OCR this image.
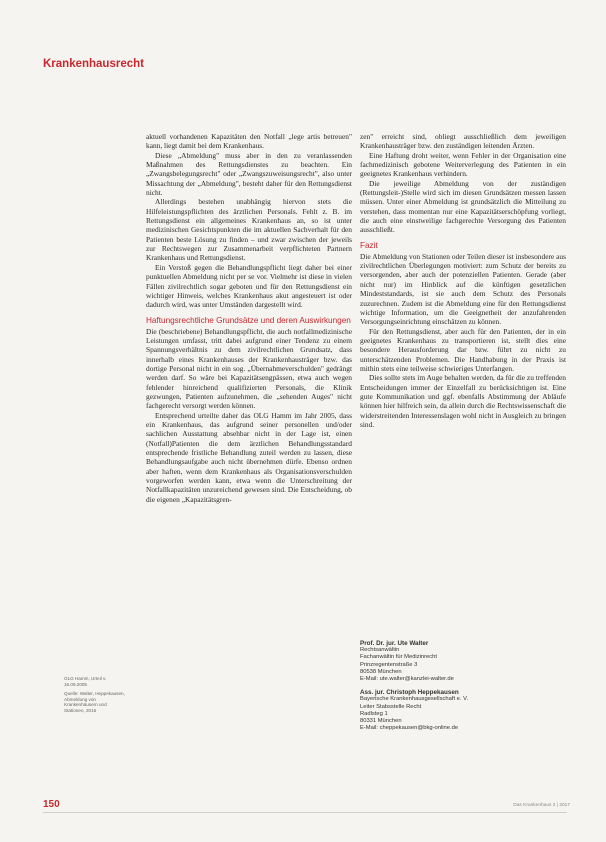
Krankenhausrecht

aktuell vorhandenen Kapazitäten den Notfall „lege artis betreuen" kann, liegt damit bei dem Krankenhaus.

Diese „Abmeldung" muss aber in den zu veranlassenden Maßnahmen des Rettungsdienstes zu beachten. Ein „Zwangsbelegungsrecht" oder „Zwangszuweisungsrecht", also unter Missachtung der „Abmeldung", besteht daher für den Rettungsdienst nicht.

Allerdings bestehen unabhängig hiervon stets die Hilfeleistungspflichten des ärztlichen Personals. Fehlt z. B. im Rettungsdienst ein allgemeines Krankenhaus an, so ist unter medizinischen Gesichtspunkten die im aktuellen Sachverhalt für den Patienten beste Lösung zu finden – und zwar zwischen der jeweils zur Rechtswegen zur Zusammenarbeit verpflichteten Partnern Krankenhaus und Rettungsdienst.

Ein Verstoß gegen die Behandlungspflicht liegt daher bei einer punktuellen Abmeldung nicht per se vor. Vielmehr ist diese in vielen Fällen zivilrechtlich sogar geboten und für den Rettungsdienst ein wichtiger Hinweis, welches Krankenhaus akut angesteuert ist oder dadurch wird, was unter Umständen dargestellt wird.

Haftungsrechtliche Grundsätze und deren Auswirkungen

Die (beschriebene) Behandlungspflicht, die auch notfallmedizinische Leistungen umfasst, tritt dabei aufgrund einer Tendenz zu einem Spannungsverhältnis zu dem zivilrechtlichen Grundsatz, dass innerhalb eines Krankenhauses der Krankenhausträger bzw. das dortige Personal nicht in ein sog. „Übernahmeverschulden" gedrängt werden darf. So wäre bei Kapazitätsengpässen, etwa auch wegen fehlender hinreichend qualifizierten Personals, die Klinik gezwungen, Patienten aufzunehmen, die „sehenden Auges" nicht fachgerecht versorgt werden können.

Entsprechend urteilte daher das OLG Hamm im Jahr 2005, dass ein Krankenhaus, das aufgrund seiner personellen und/oder sachlichen Ausstattung absehbar nicht in der Lage ist, einen (Notfall)Patienten die dem ärztlichen Behandlungsstandard entsprechende fristliche Behandlung zuteil werden zu lassen, diese Behandlungsaufgabe auch nicht übernehmen dürfe. Ebenso ordnen aber haften, wenn dem Krankenhaus als Organisationsverschulden vorgeworfen werden kann, etwa wenn die Unterschreitung der Notfallkapazitäten unzureichend gewesen sind. Die Entscheidung, ob die eigenen „Kapazitätsgren-

zen" erreicht sind, obliegt ausschließlich dem jeweiligen Krankenhausträger bzw. den zuständigen leitenden Ärzten.

Eine Haftung droht weiter, wenn Fehler in der Organisation eine fachmedizinisch gebotene Weiterverlegung des Patienten in ein geeignetes Krankenhaus verhindern.

Die jeweilige Abmeldung von der zuständigen (Rettungsleit-)Stelle wird sich im diesen Grundsätzen messen lassen müssen. Unter einer Abmeldung ist grundsätzlich die Mitteilung zu verstehen, dass momentan nur eine Kapazitätserschöpfung vorliegt, die auch eine einstweilige fachgerechte Versorgung des Patienten ausschließt.

Fazit

Die Abmeldung von Stationen oder Teilen dieser ist insbesondere aus zivilrechtlichen Überlegungen motiviert: zum Schutz der bereits zu versorgenden, aber auch der potenziellen Patienten. Gerade (aber nicht nur) im Hinblick auf die künftigen gesetzlichen Mindeststandards, ist sie auch dem Schutz des Personals zuzurechnen. Zudem ist die Abmeldung eine für den Rettungsdienst wichtige Information, um die Geeignetheit der anzufahrenden Versorgungseinrichtung einschätzen zu können.

Für den Rettungsdienst, aber auch für den Patienten, der in ein geeignetes Krankenhaus zu transportieren ist, stellt dies eine besondere Herausforderung dar bzw. führt zu nicht zu unterschätzenden Problemen. Die Handhabung in der Praxis ist mithin stets eine teilweise schwieriges Unterfangen.

Dies sollte stets im Auge behalten werden, da für die zu treffenden Entscheidungen immer der Einzelfall zu berücksichtigen ist. Eine gute Kommunikation und ggf. ebenfalls Abstimmung der Abläufe können hier hilfreich sein, da allein durch die Rechtswissenschaft die widerstreitenden Interessenslagen wohl nicht in Ausgleich zu bringen sind.

Prof. Dr. jur. Ute Walter
Rechtsanwältin
Fachanwältin für Medizinrecht
Prinzregentenstraße 3
80538 München
E-Mail: ute.walter@kanzlei-walter.de
Ass. jur. Christoph Heppekausen
Bayerische Krankenhausgesellschaft e. V.
Leiter Stabsstelle Recht
Radlsteg 1
80331 München
E-Mail: cheppekausen@bkg-online.de
OLG Hamm, Urteil v. 16.09.2005
Quelle: Walter, Heppekausen, Abmeldung von Krankenhäusern und Stationen, 2016
150	Das Krankenhaus 2 | 2017
